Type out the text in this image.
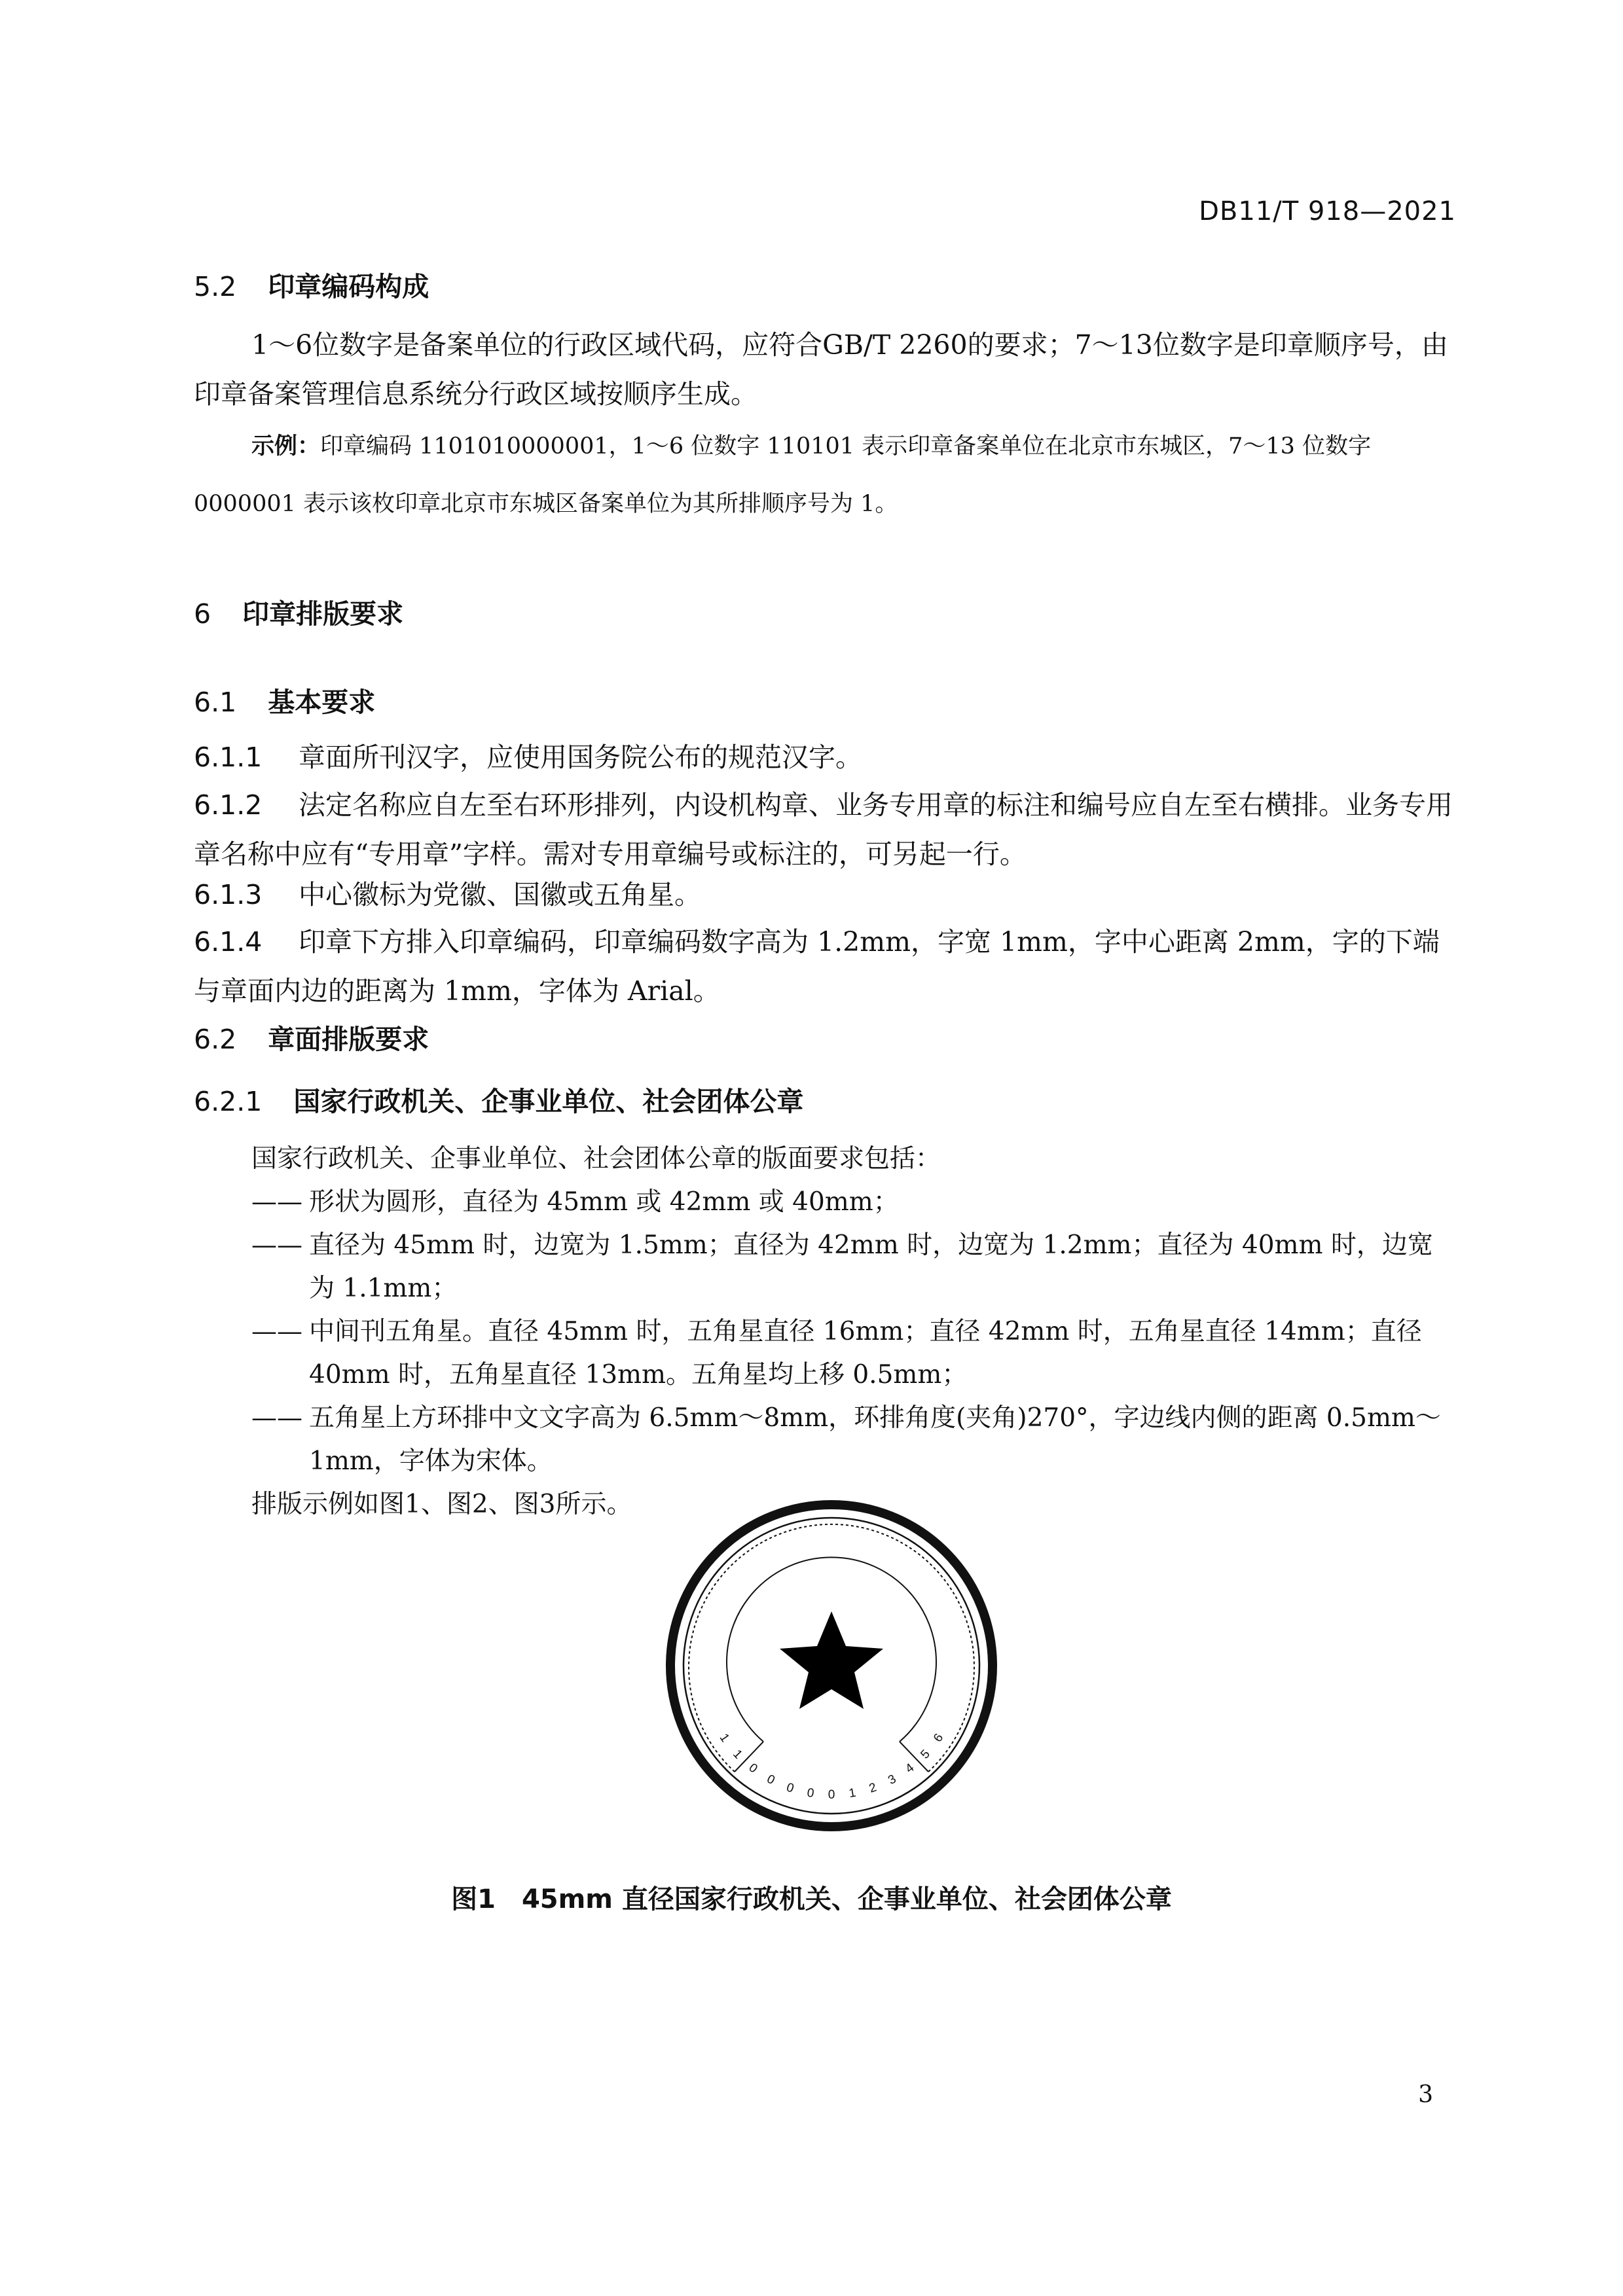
DB11/T 918—2021
5.2 印章编码构成
1～6位数字是备案单位的行政区域代码，应符合GB/T 2260的要求；7～13位数字是印章顺序号，由印章备案管理信息系统分行政区域按顺序生成。
示例：印章编码 1101010000001，1～6 位数字 110101 表示印章备案单位在北京市东城区，7～13 位数字 0000001 表示该枚印章北京市东城区备案单位为其所排顺序号为 1。
6 印章排版要求
6.1 基本要求
6.1.1 章面所刊汉字，应使用国务院公布的规范汉字。
6.1.2 法定名称应自左至右环形排列，内设机构章、业务专用章的标注和编号应自左至右横排。业务专用章名称中应有“专用章”字样。需对专用章编号或标注的，可另起一行。
6.1.3 中心徽标为党徽、国徽或五角星。
6.1.4 印章下方排入印章编码，印章编码数字高为 1.2mm，字宽 1mm，字中心距离 2mm，字的下端与章面内边的距离为 1mm，字体为 Arial。
6.2 章面排版要求
6.2.1 国家行政机关、企事业单位、社会团体公章
国家行政机关、企事业单位、社会团体公章的版面要求包括：
—— 形状为圆形，直径为 45mm 或 42mm 或 40mm；
—— 直径为 45mm 时，边宽为 1.5mm；直径为 42mm 时，边宽为 1.2mm；直径为 40mm 时，边宽为 1.1mm；
—— 中间刊五角星。直径 45mm 时，五角星直径 16mm；直径 42mm 时，五角星直径 14mm；直径 40mm 时，五角星直径 13mm。五角星均上移 0.5mm；
—— 五角星上方环排中文文字高为 6.5mm～8mm，环排角度(夹角)270°，字边线内侧的距离 0.5mm～1mm，字体为宋体。
排版示例如图1、图2、图3所示。
1
1
0
0
0 0 0 1 2
3
4
5
6
图1　45mm 直径国家行政机关、企事业单位、社会团体公章
3
